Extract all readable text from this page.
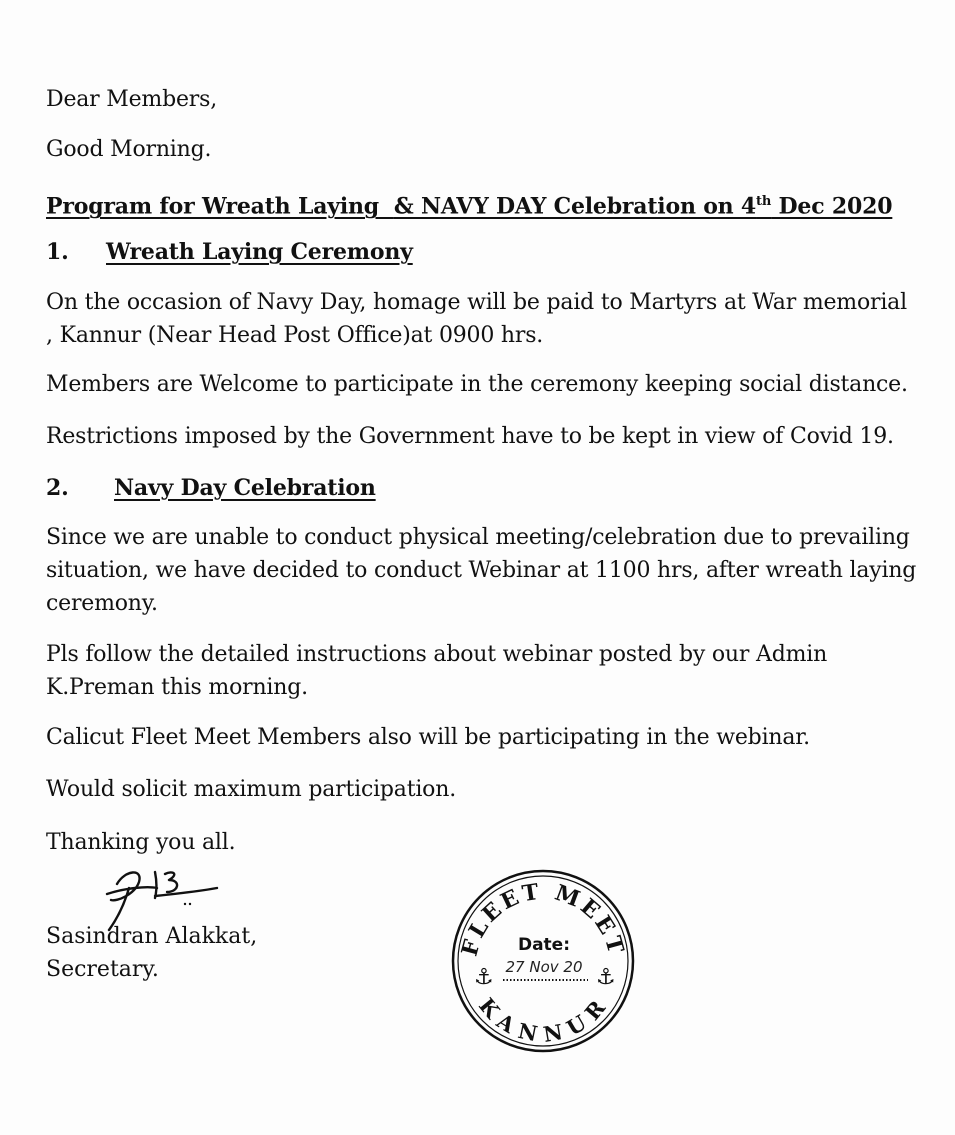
Dear Members,
Good Morning.
Program for Wreath Laying & NAVY DAY Celebration on 4th Dec 2020
1. Wreath Laying Ceremony
On the occasion of Navy Day, homage will be paid to Martyrs at War memorial , Kannur (Near Head Post Office)at 0900 hrs.
Members are Welcome to participate in the ceremony keeping social distance.
Restrictions imposed by the Government have to be kept in view of Covid 19.
2. Navy Day Celebration
Since we are unable to conduct physical meeting/celebration due to prevailing situation, we have decided to conduct Webinar at 1100 hrs, after wreath laying ceremony.
Pls follow the detailed instructions about webinar posted by our Admin K.Preman this morning.
Calicut Fleet Meet Members also will be participating in the webinar.
Would solicit maximum participation.
Thanking you all.
Sasindran Alakkat,
Secretary.
FLEET MEET
KANNUR
Date:
27 Nov 20
⚓	⚓
